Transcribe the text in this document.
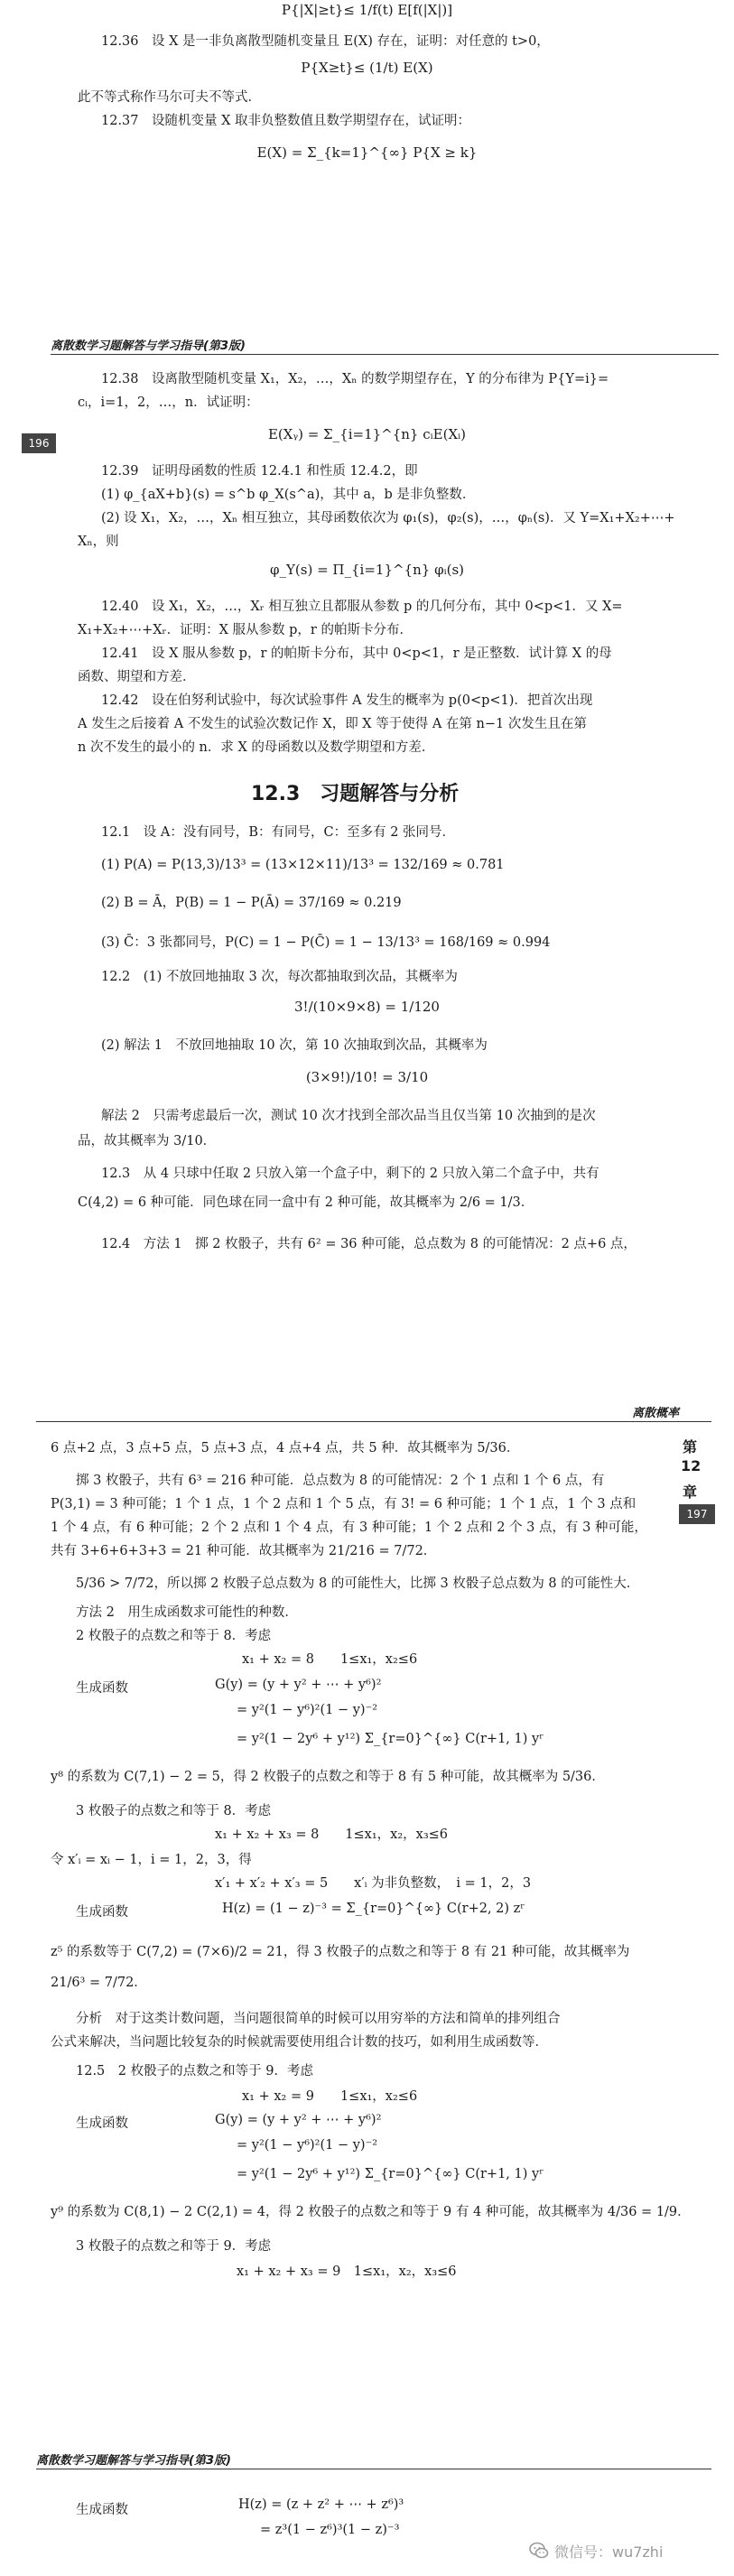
P{|X|≥t}≤ 1/f(t) E[f(|X|)]
12.36　设 X 是一非负离散型随机变量且 E(X) 存在，证明：对任意的 t>0，
P{X≥t}≤ (1/t) E(X)
此不等式称作马尔可夫不等式．
12.37　设随机变量 X 取非负整数值且数学期望存在，试证明：
E(X) = Σ_{k=1}^{∞} P{X ≥ k}
离散数学习题解答与学习指导(第3版)
196
12.38　设离散型随机变量 X₁，X₂，…，Xₙ 的数学期望存在，Y 的分布律为 P{Y=i}=
cᵢ，i=1，2，…，n．试证明：
E(Xᵧ) = Σ_{i=1}^{n} cᵢE(Xᵢ)
12.39　证明母函数的性质 12.4.1 和性质 12.4.2，即
(1) φ_{aX+b}(s) = s^b φ_X(s^a)，其中 a，b 是非负整数．
(2) 设 X₁，X₂，…，Xₙ 相互独立，其母函数依次为 φ₁(s)，φ₂(s)，…，φₙ(s)．又 Y=X₁+X₂+⋯+
Xₙ，则
φ_Y(s) = Π_{i=1}^{n} φᵢ(s)
12.40　设 X₁，X₂，…，Xᵣ 相互独立且都服从参数 p 的几何分布，其中 0<p<1．又 X=
X₁+X₂+⋯+Xᵣ．证明：X 服从参数 p，r 的帕斯卡分布．
12.41　设 X 服从参数 p，r 的帕斯卡分布，其中 0<p<1，r 是正整数．试计算 X 的母
函数、期望和方差．
12.42　设在伯努利试验中，每次试验事件 A 发生的概率为 p(0<p<1)．把首次出现
A 发生之后接着 A 不发生的试验次数记作 X，即 X 等于使得 A 在第 n−1 次发生且在第
n 次不发生的最小的 n．求 X 的母函数以及数学期望和方差．
12.3　习题解答与分析
12.1　设 A：没有同号，B：有同号，C：至多有 2 张同号．
(1) P(A) = P(13,3)/13³ = (13×12×11)/13³ = 132/169 ≈ 0.781
(2) B = Ā，P(B) = 1 − P(Ā) = 37/169 ≈ 0.219
(3) C̄：3 张都同号，P(C) = 1 − P(C̄) = 1 − 13/13³ = 168/169 ≈ 0.994
12.2　(1) 不放回地抽取 3 次，每次都抽取到次品，其概率为
3!/(10×9×8) = 1/120
(2) 解法 1　不放回地抽取 10 次，第 10 次抽取到次品，其概率为
(3×9!)/10! = 3/10
解法 2　只需考虑最后一次，测试 10 次才找到全部次品当且仅当第 10 次抽到的是次
品，故其概率为 3/10．
12.3　从 4 只球中任取 2 只放入第一个盒子中，剩下的 2 只放入第二个盒子中，共有
C(4,2) = 6 种可能．同色球在同一盒中有 2 种可能，故其概率为 2/6 = 1/3．
12.4　方法 1　掷 2 枚骰子，共有 6² = 36 种可能，总点数为 8 的可能情况：2 点+6 点，
离散概率
第
12
章
197
6 点+2 点，3 点+5 点，5 点+3 点，4 点+4 点，共 5 种．故其概率为 5/36．
掷 3 枚骰子，共有 6³ = 216 种可能．总点数为 8 的可能情况：2 个 1 点和 1 个 6 点，有
P(3,1) = 3 种可能；1 个 1 点，1 个 2 点和 1 个 5 点，有 3! = 6 种可能；1 个 1 点，1 个 3 点和
1 个 4 点，有 6 种可能；2 个 2 点和 1 个 4 点，有 3 种可能；1 个 2 点和 2 个 3 点，有 3 种可能，
共有 3+6+6+3+3 = 21 种可能．故其概率为 21/216 = 7/72．
5/36 > 7/72，所以掷 2 枚骰子总点数为 8 的可能性大，比掷 3 枚骰子总点数为 8 的可能性大．
方法 2　用生成函数求可能性的种数．
2 枚骰子的点数之和等于 8．考虑
x₁ + x₂ = 8　　1≤x₁，x₂≤6
生成函数	G(y) = (y + y² + ⋯ + y⁶)²
= y²(1 − y⁶)²(1 − y)⁻²
= y²(1 − 2y⁶ + y¹²) Σ_{r=0}^{∞} C(r+1, 1) yʳ
y⁸ 的系数为 C(7,1) − 2 = 5，得 2 枚骰子的点数之和等于 8 有 5 种可能，故其概率为 5/36．
3 枚骰子的点数之和等于 8．考虑
x₁ + x₂ + x₃ = 8　　1≤x₁，x₂，x₃≤6
令 x′ᵢ = xᵢ − 1，i = 1，2，3，得
x′₁ + x′₂ + x′₃ = 5　　x′ᵢ 为非负整数，　i = 1，2，3
生成函数	H(z) = (1 − z)⁻³ = Σ_{r=0}^{∞} C(r+2, 2) zʳ
z⁵ 的系数等于 C(7,2) = (7×6)/2 = 21，得 3 枚骰子的点数之和等于 8 有 21 种可能，故其概率为
21/6³ = 7/72．
分析　对于这类计数问题，当问题很简单的时候可以用穷举的方法和简单的排列组合
公式来解决，当问题比较复杂的时候就需要使用组合计数的技巧，如利用生成函数等．
12.5　2 枚骰子的点数之和等于 9．考虑
x₁ + x₂ = 9　　1≤x₁，x₂≤6
生成函数	G(y) = (y + y² + ⋯ + y⁶)²
= y²(1 − y⁶)²(1 − y)⁻²
= y²(1 − 2y⁶ + y¹²) Σ_{r=0}^{∞} C(r+1, 1) yʳ
y⁹ 的系数为 C(8,1) − 2 C(2,1) = 4，得 2 枚骰子的点数之和等于 9 有 4 种可能，故其概率为 4/36 = 1/9．
3 枚骰子的点数之和等于 9．考虑
x₁ + x₂ + x₃ = 9　1≤x₁，x₂，x₃≤6
离散数学习题解答与学习指导(第3版)
生成函数	H(z) = (z + z² + ⋯ + z⁶)³
= z³(1 − z⁶)³(1 − z)⁻³
微信号：wu7zhi
